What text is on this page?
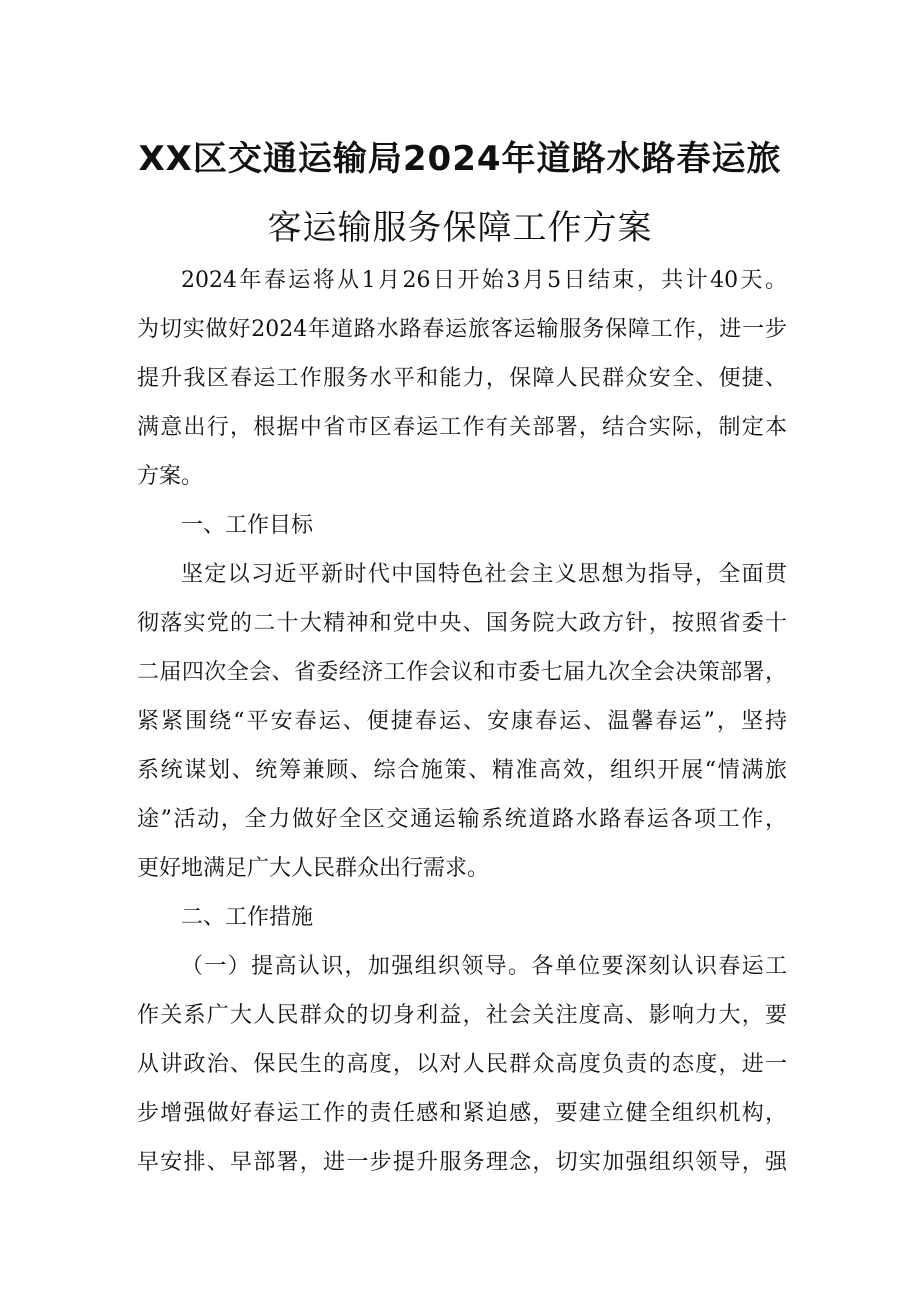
XX区交通运输局2024年道路水路春运旅
客运输服务保障工作方案
2024年春运将从1月26日开始3月5日结束，共计40天。
为切实做好2024年道路水路春运旅客运输服务保障工作，进一步
提升我区春运工作服务水平和能力，保障人民群众安全、便捷、
满意出行，根据中省市区春运工作有关部署，结合实际，制定本
方案。
一、工作目标
坚定以习近平新时代中国特色社会主义思想为指导，全面贯
彻落实党的二十大精神和党中央、国务院大政方针，按照省委十
二届四次全会、省委经济工作会议和市委七届九次全会决策部署，
紧紧围绕“平安春运、便捷春运、安康春运、温馨春运”，坚持
系统谋划、统筹兼顾、综合施策、精准高效，组织开展“情满旅
途”活动，全力做好全区交通运输系统道路水路春运各项工作，
更好地满足广大人民群众出行需求。
二、工作措施
（一）提高认识，加强组织领导。各单位要深刻认识春运工
作关系广大人民群众的切身利益，社会关注度高、影响力大，要
从讲政治、保民生的高度，以对人民群众高度负责的态度，进一
步增强做好春运工作的责任感和紧迫感，要建立健全组织机构，
早安排、早部署，进一步提升服务理念，切实加强组织领导，强
